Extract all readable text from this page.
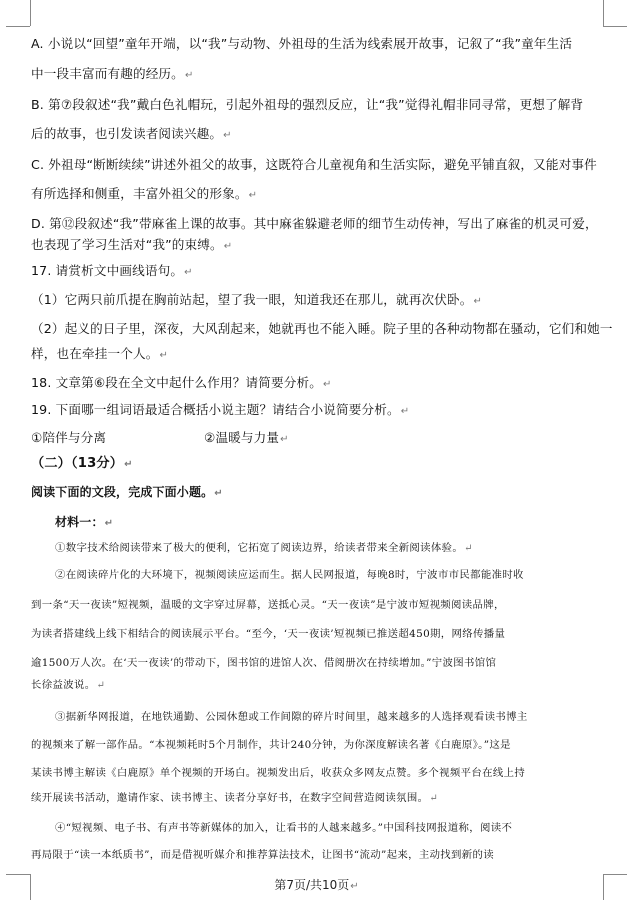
A. 小说以“回望”童年开端，以“我”与动物、外祖母的生活为线索展开故事，记叙了“我”童年生活
中一段丰富而有趣的经历。↵
B. 第⑦段叙述“我”戴白色礼帽玩，引起外祖母的强烈反应，让“我”觉得礼帽非同寻常，更想了解背
后的故事，也引发读者阅读兴趣。↵
C. 外祖母“断断续续”讲述外祖父的故事，这既符合儿童视角和生活实际，避免平铺直叙，又能对事件
有所选择和侧重，丰富外祖父的形象。↵
D. 第⑫段叙述“我”带麻雀上课的故事。其中麻雀躲避老师的细节生动传神，写出了麻雀的机灵可爱，
也表现了学习生活对“我”的束缚。↵
17. 请赏析文中画线语句。↵
（1）它两只前爪提在胸前站起，望了我一眼，知道我还在那儿，就再次伏卧。↵
（2）起义的日子里，深夜，大风刮起来，她就再也不能入睡。院子里的各种动物都在骚动，它们和她一
样，也在牵挂一个人。↵
18. 文章第⑥段在全文中起什么作用？请简要分析。↵
19. 下面哪一组词语最适合概括小说主题？请结合小说简要分析。↵
①陪伴与分离	②温暖与力量↵
（二）（13分）↵
阅读下面的文段，完成下面小题。↵
材料一：↵
①数字技术给阅读带来了极大的便利，它拓宽了阅读边界，给读者带来全新阅读体验。↵
②在阅读碎片化的大环境下，视频阅读应运而生。据人民网报道，每晚8时，宁波市市民都能准时收
到一条“天一夜读”短视频，温暖的文字穿过屏幕，送抵心灵。“天一夜读”是宁波市短视频阅读品牌，
为读者搭建线上线下相结合的阅读展示平台。“至今，‘天一夜读’短视频已推送超450期，网络传播量
逾1500万人次。在‘天一夜读’的带动下，图书馆的进馆人次、借阅册次在持续增加。”宁波图书馆馆
长徐益波说。↵
③据新华网报道，在地铁通勤、公园休憩或工作间隙的碎片时间里，越来越多的人选择观看读书博主
的视频来了解一部作品。“本视频耗时5个月制作，共计240分钟，为你深度解读名著《白鹿原》。”这是
某读书博主解读《白鹿原》单个视频的开场白。视频发出后，收获众多网友点赞。多个视频平台在线上持
续开展读书活动，邀请作家、读书博主、读者分享好书，在数字空间营造阅读氛围。↵
④“短视频、电子书、有声书等新媒体的加入，让看书的人越来越多。”中国科技网报道称，阅读不
再局限于“读一本纸质书”，而是借视听媒介和推荐算法技术，让图书“流动”起来，主动找到新的读
第7页/共10页↵
